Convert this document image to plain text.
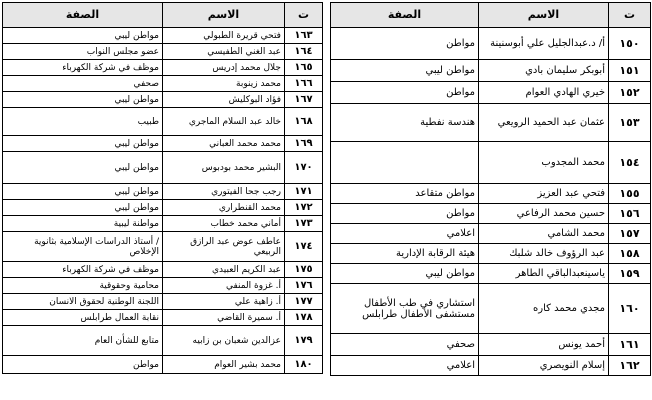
ت	الاسم	الصفة
١٥٠	أ/ د.عبدالجليل علي أبوسنينة	مواطن
١٥١	أبوبكر سليمان بادي	مواطن ليبي
١٥٢	خيري الهادي العوام	مواطن
١٥٣	عثمان عبد الحميد الرويعي	هندسة نفطية
١٥٤	محمد المجدوب	
١٥٥	فتحي عبد العزيز	مواطن متقاعد
١٥٦	حسين محمد الرفاعي	مواطن
١٥٧	محمد الشامي	اعلامي
١٥٨	عبد الرؤوف خالد شلبك	هيئة الرقابة الإدارية
١٥٩	ياسينعبدالباقي الطاهر	مواطن ليبي
١٦٠	مجدي محمد كاره	استشاري في طب الأطفال مستشفى الأطفال طرابلس
١٦١	أحمد يونس	صحفي
١٦٢	إسلام النويصري	اعلامي
ت	الاسم	الصفة
١٦٣	فتحي قريرة الطبولي	مواطن ليبي
١٦٤	عبد الغني الطفيسي	عضو مجلس النواب
١٦٥	جلال محمد إدريس	موظف في شركة الكهرباء
١٦٦	محمد زينوبة	صحفي
١٦٧	فؤاد البوكليش	مواطن ليبي
١٦٨	خالد عبد السلام الماجري	طبيب
١٦٩	محمد محمد العباني	مواطن ليبي
١٧٠	البشير محمد بودبوس	مواطن ليبي
١٧١	رجب جحا الفيتوري	مواطن ليبي
١٧٢	محمد القنطراري	مواطن ليبي
١٧٣	أماني محمد خطاب	مواطنة ليبية
١٧٤	عاطف عوض عبد الرازق الربيعي	/ أستاذ الدراسات الإسلامية بثانوية الإخلاص
١٧٥	عبد الكريم العبيدي	موظف في شركة الكهرباء
١٧٦	أ. غزوة المنفي	محامية وحقوقية
١٧٧	أ. زاهية علي	اللجنة الوطنية لحقوق الانسان
١٧٨	أ. سميرة القاضي	نقابة العمال طرابلس
١٧٩	عزالدين شعبان بن زابيه	متابع للشأن العام
١٨٠	محمد بشير العوام	مواطن
